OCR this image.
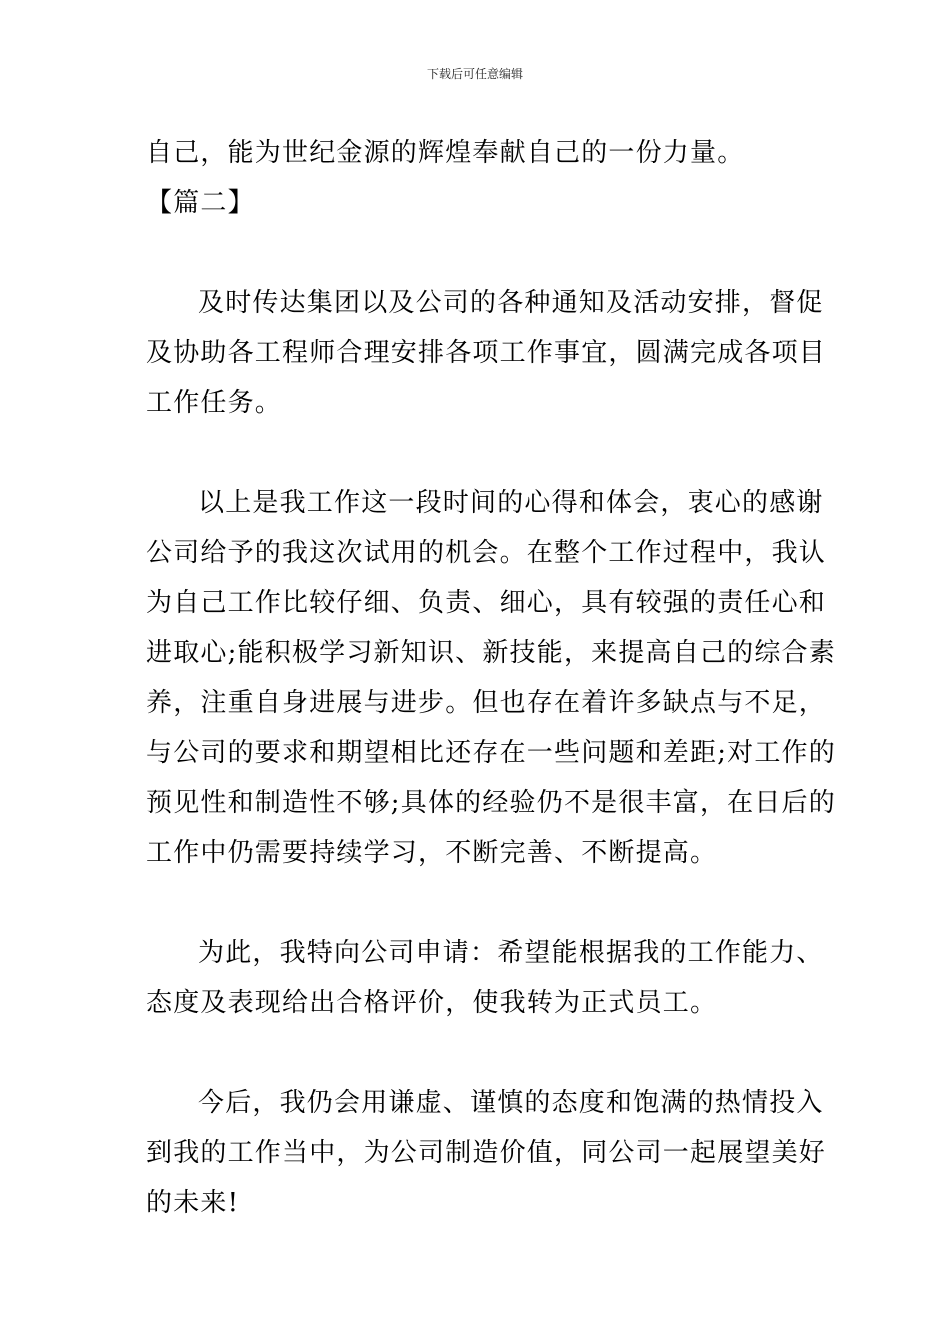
下载后可任意编辑
自己，能为世纪金源的辉煌奉献自己的一份力量。
【篇二】
及时传达集团以及公司的各种通知及活动安排，督促
及协助各工程师合理安排各项工作事宜，圆满完成各项目
工作任务。
以上是我工作这一段时间的心得和体会，衷心的感谢
公司给予的我这次试用的机会。在整个工作过程中，我认
为自己工作比较仔细、负责、细心，具有较强的责任心和
进取心;能积极学习新知识、新技能，来提高自己的综合素
养，注重自身进展与进步。但也存在着许多缺点与不足，
与公司的要求和期望相比还存在一些问题和差距;对工作的
预见性和制造性不够;具体的经验仍不是很丰富，在日后的
工作中仍需要持续学习，不断完善、不断提高。
为此，我特向公司申请：希望能根据我的工作能力、
态度及表现给出合格评价，使我转为正式员工。
今后，我仍会用谦虚、谨慎的态度和饱满的热情投入
到我的工作当中，为公司制造价值，同公司一起展望美好
的未来!
